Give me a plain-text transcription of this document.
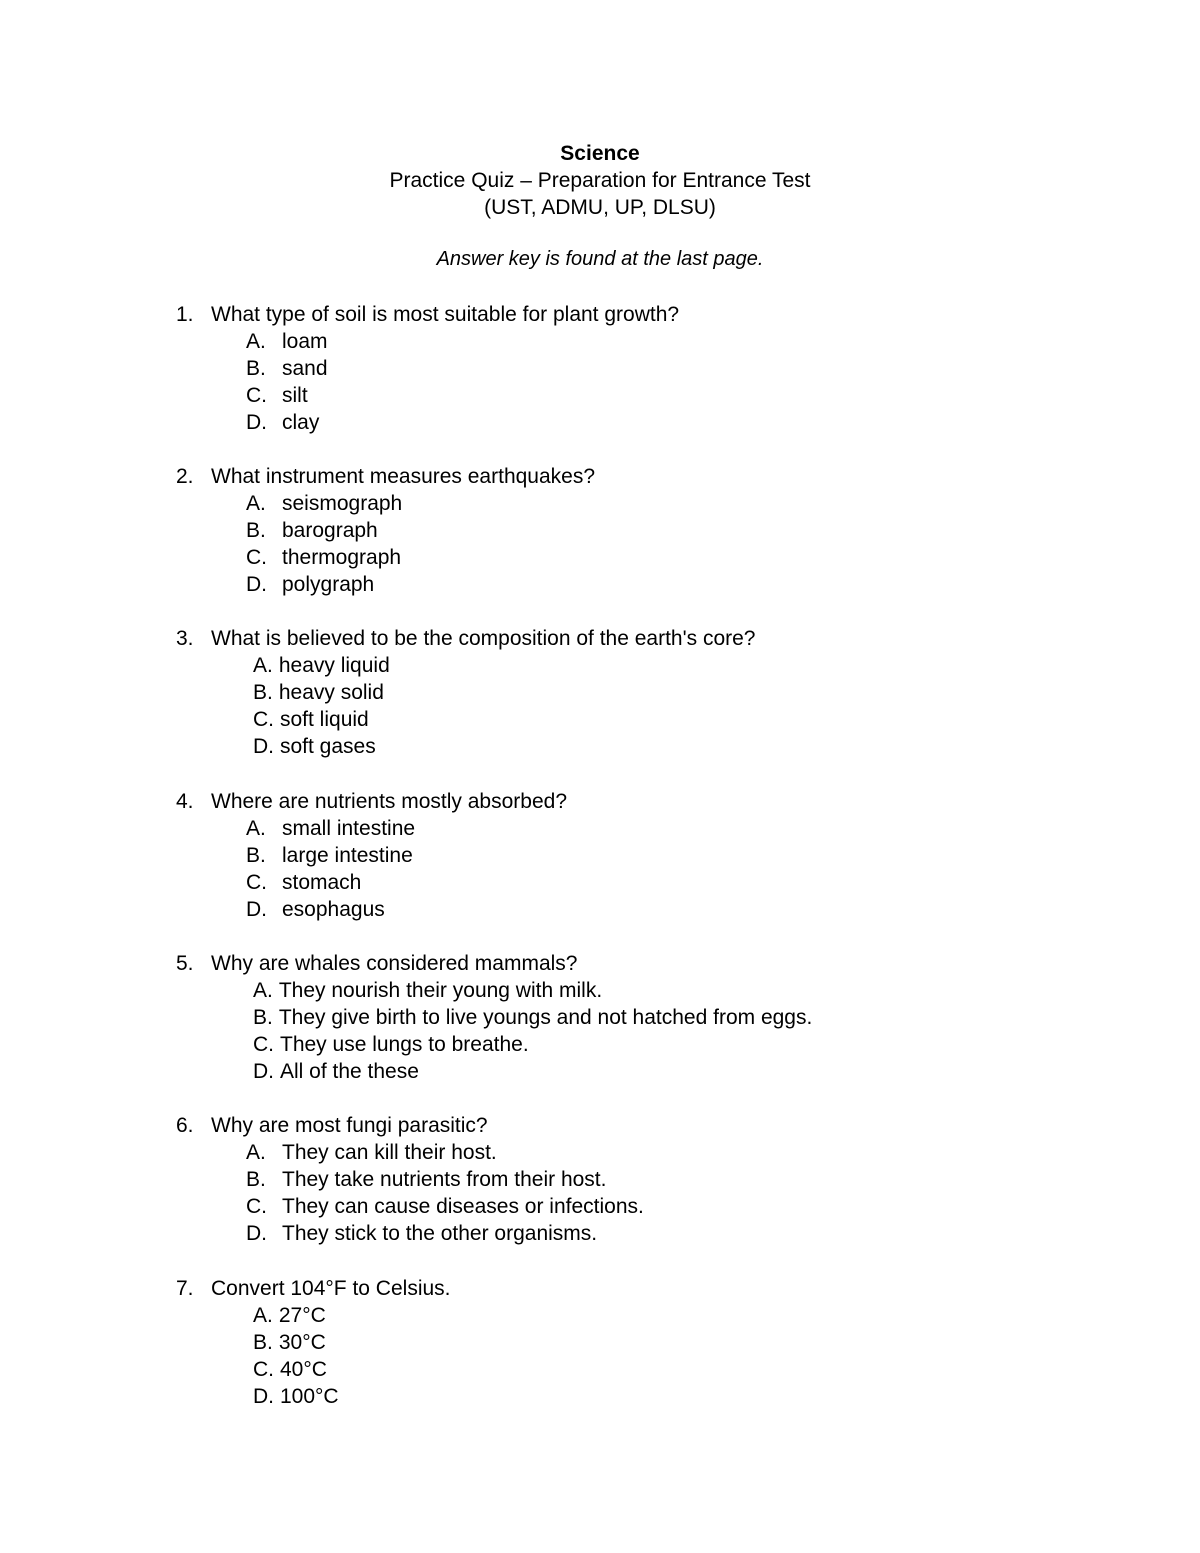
Science
Practice Quiz – Preparation for Entrance Test
(UST, ADMU, UP, DLSU)
Answer key is found at the last page.
1. What type of soil is most suitable for plant growth?
A. loam
B. sand
C. silt
D. clay
2. What instrument measures earthquakes?
A. seismograph
B. barograph
C. thermograph
D. polygraph
3. What is believed to be the composition of the earth's core?
A. heavy liquid
B. heavy solid
C. soft liquid
D. soft gases
4. Where are nutrients mostly absorbed?
A. small intestine
B. large intestine
C. stomach
D. esophagus
5. Why are whales considered mammals?
A. They nourish their young with milk.
B. They give birth to live youngs and not hatched from eggs.
C. They use lungs to breathe.
D. All of the these
6. Why are most fungi parasitic?
A. They can kill their host.
B. They take nutrients from their host.
C. They can cause diseases or infections.
D. They stick to the other organisms.
7. Convert 104°F to Celsius.
A. 27°C
B. 30°C
C. 40°C
D. 100°C
